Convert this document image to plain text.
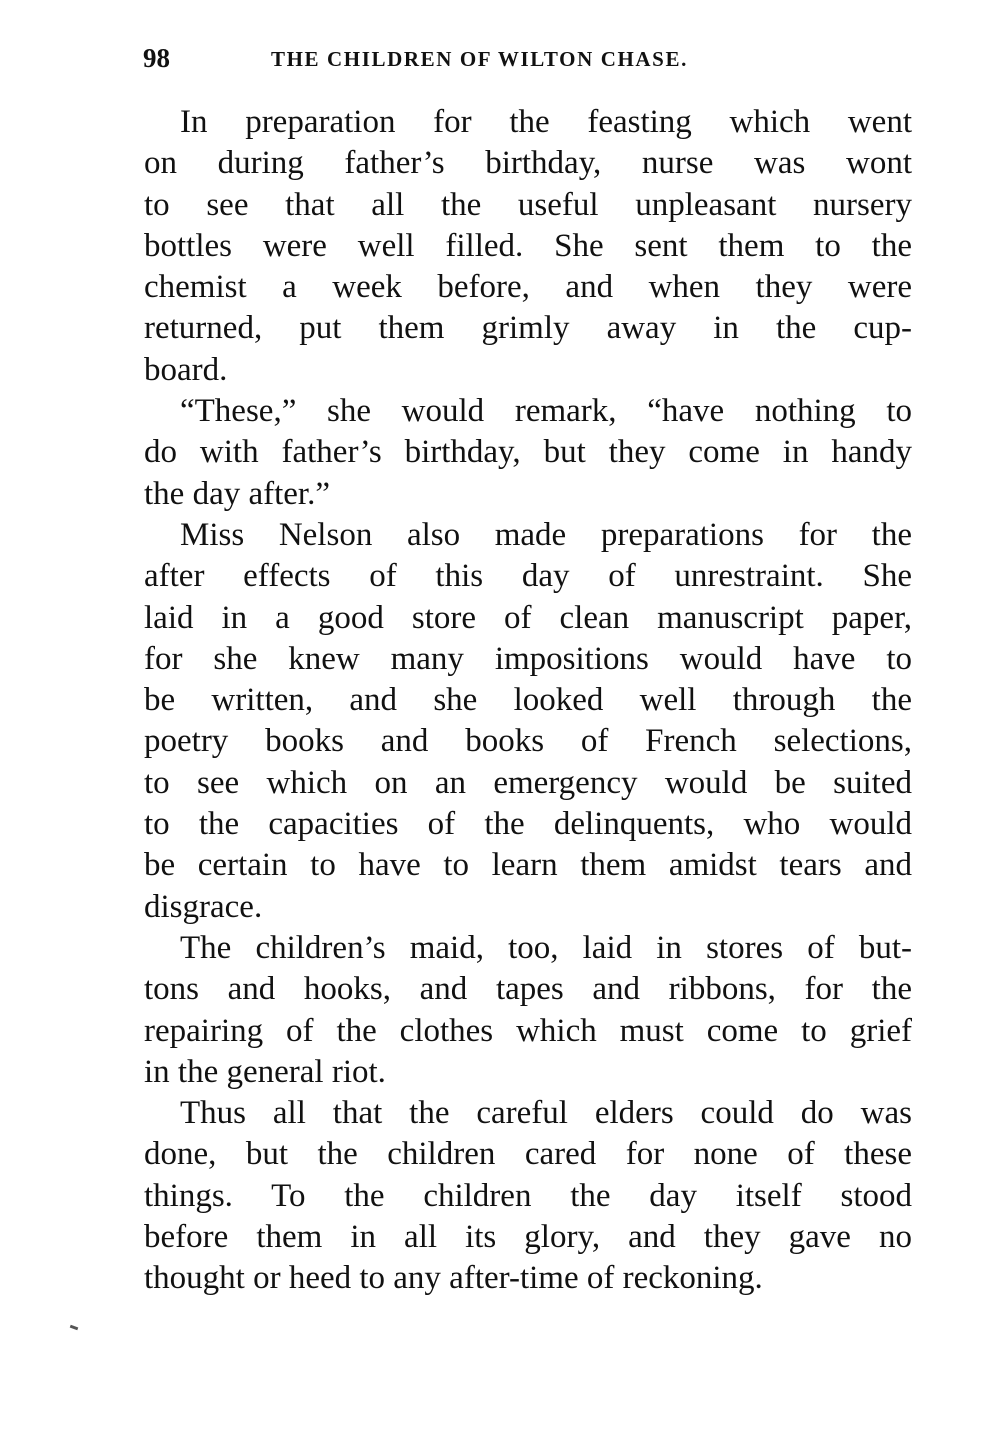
98	THE CHILDREN OF WILTON CHASE.
In preparation for the feasting which went
on during father’s birthday, nurse was wont
to see that all the useful unpleasant nursery
bottles were well filled. She sent them to the
chemist a week before, and when they were
returned, put them grimly away in the cup-
board.
“These,” she would remark, “have nothing to
do with father’s birthday, but they come in handy
the day after.”
Miss Nelson also made preparations for the
after effects of this day of unrestraint. She
laid in a good store of clean manuscript paper,
for she knew many impositions would have to
be written, and she looked well through the
poetry books and books of French selections,
to see which on an emergency would be suited
to the capacities of the delinquents, who would
be certain to have to learn them amidst tears and
disgrace.
The children’s maid, too, laid in stores of but-
tons and hooks, and tapes and ribbons, for the
repairing of the clothes which must come to grief
in the general riot.
Thus all that the careful elders could do was
done, but the children cared for none of these
things. To the children the day itself stood
before them in all its glory, and they gave no
thought or heed to any after-time of reckoning.
